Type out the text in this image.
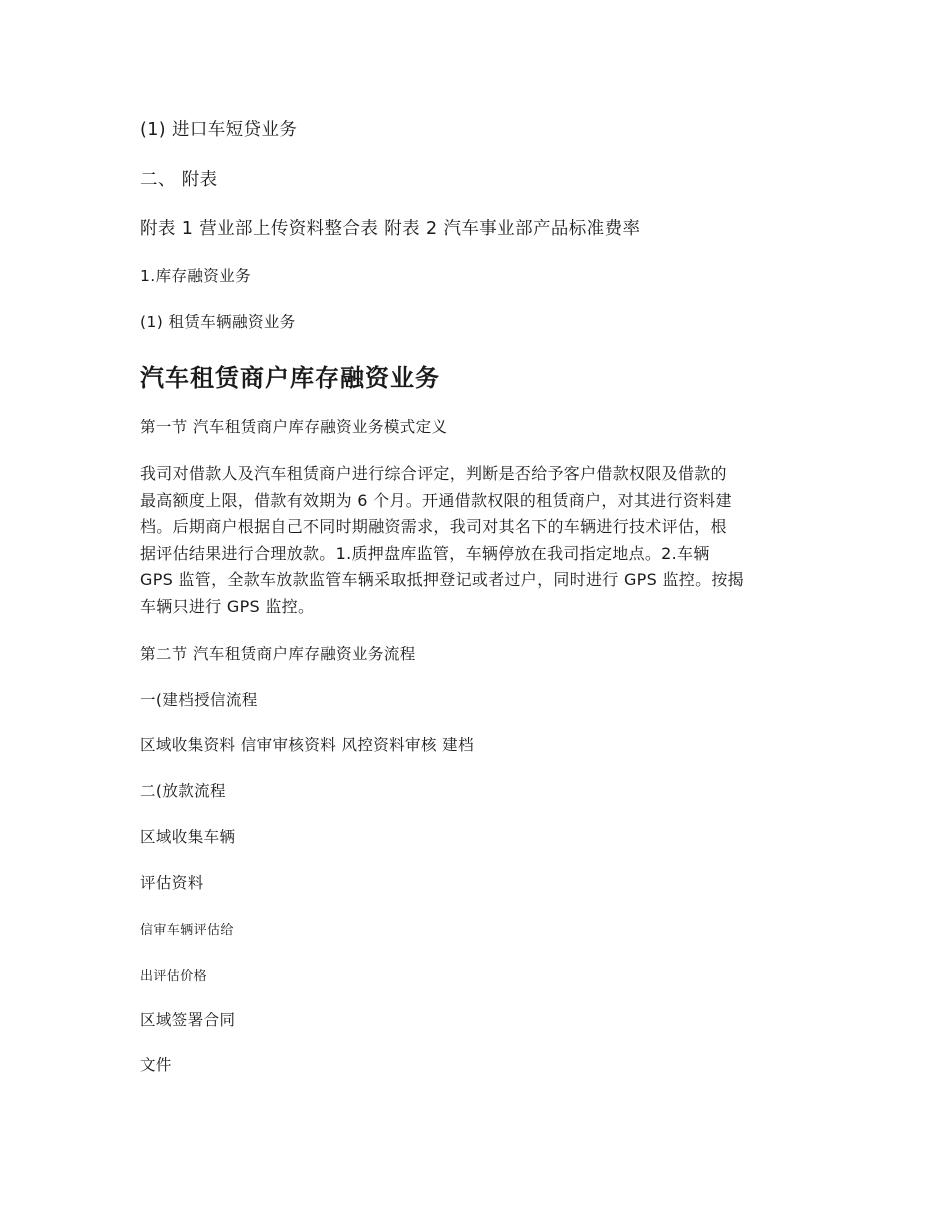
(1) 进口车短贷业务

二、 附表

附表 1 营业部上传资料整合表 附表 2 汽车事业部产品标准费率

1.库存融资业务

(1) 租赁车辆融资业务

汽车租赁商户库存融资业务

第一节 汽车租赁商户库存融资业务模式定义

我司对借款人及汽车租赁商户进行综合评定，判断是否给予客户借款权限及借款的
最高额度上限，借款有效期为 6 个月。开通借款权限的租赁商户，对其进行资料建
档。后期商户根据自己不同时期融资需求，我司对其名下的车辆进行技术评估，根
据评估结果进行合理放款。1.质押盘库监管，车辆停放在我司指定地点。2.车辆
GPS 监管，全款车放款监管车辆采取抵押登记或者过户，同时进行 GPS 监控。按揭
车辆只进行 GPS 监控。

第二节 汽车租赁商户库存融资业务流程

一(建档授信流程

区域收集资料 信审审核资料 风控资料审核 建档

二(放款流程

区域收集车辆

评估资料

信审车辆评估给

出评估价格

区域签署合同

文件
